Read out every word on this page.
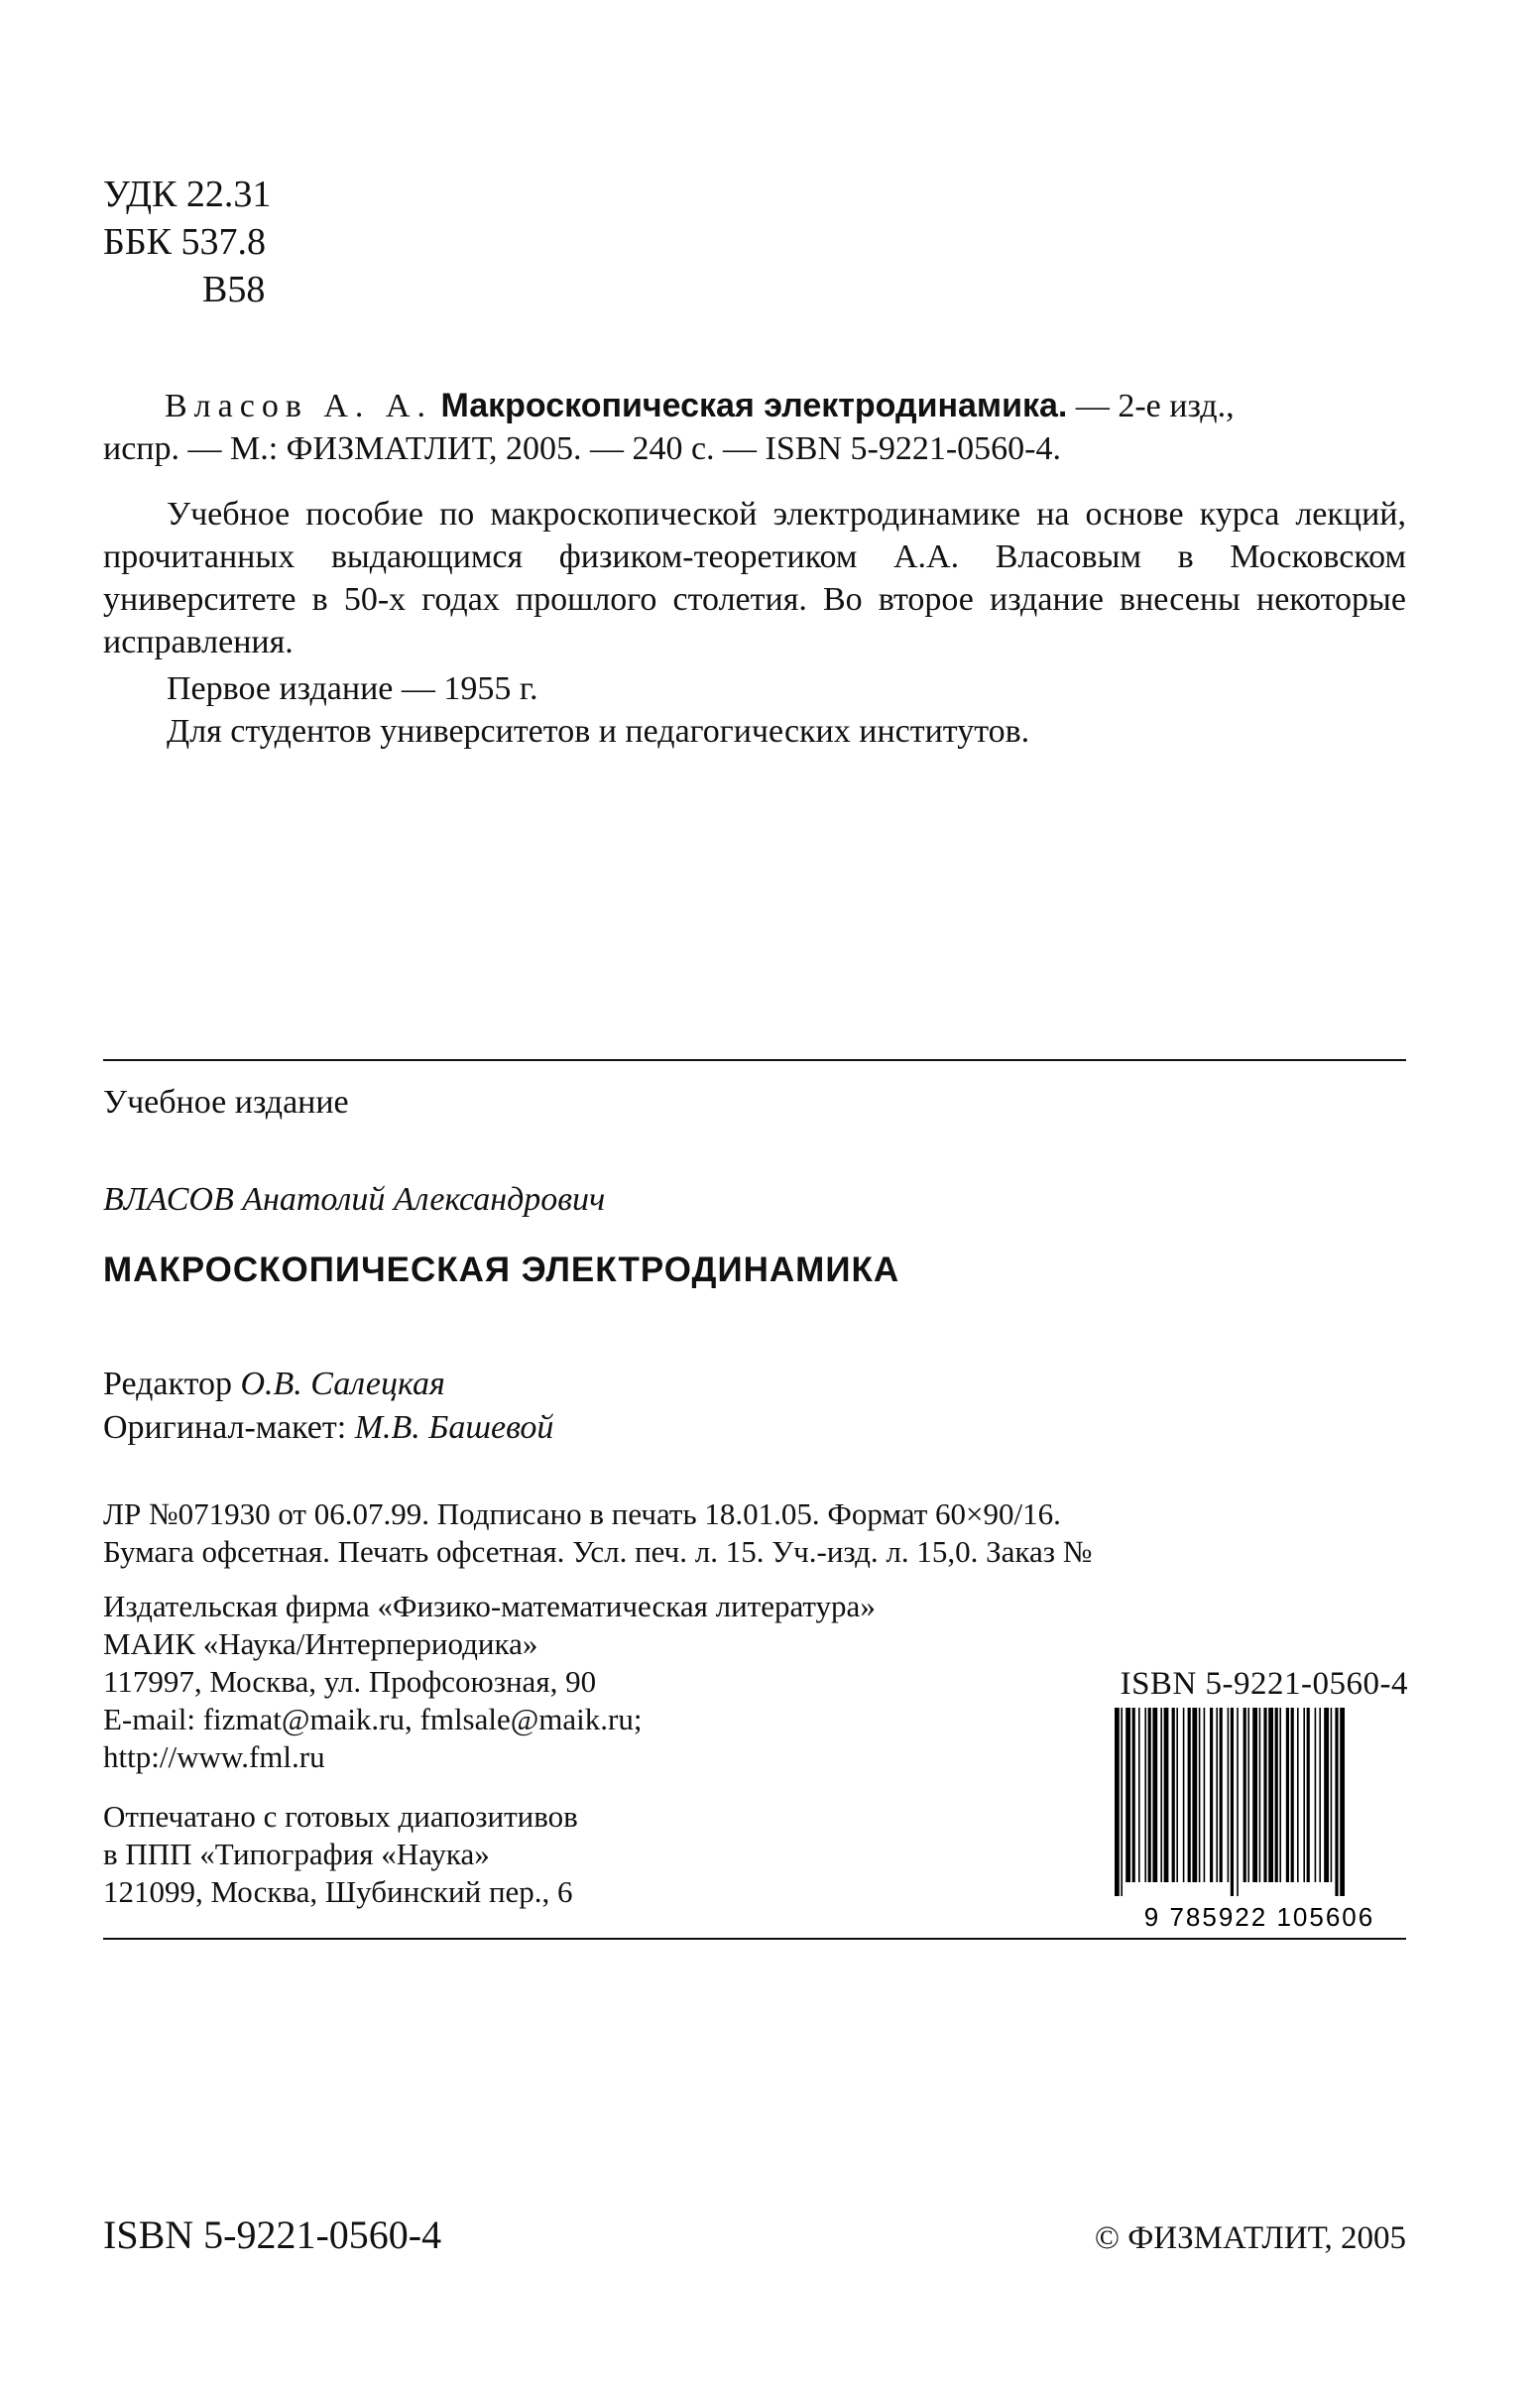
УДК 22.31
ББК 537.8
B58
Власов А. А. Макроскопическая электродинамика. — 2-е изд.,
испр. — М.: ФИЗМАТЛИТ, 2005. — 240 с. — ISBN 5-9221-0560-4.
Учебное пособие по макроскопической электродинамике на основе курса лекций, прочитанных выдающимся физиком-теоретиком А.А. Власовым в Московском университете в 50-х годах прошлого столетия. Во второе издание внесены некоторые исправления.
Первое издание — 1955 г.
Для студентов университетов и педагогических институтов.
Учебное издание
ВЛАСОВ Анатолий Александрович
МАКРОСКОПИЧЕСКАЯ ЭЛЕКТРОДИНАМИКА
Редактор О.В. Салецкая
Оригинал-макет: М.В. Башевой
ЛР №071930 от 06.07.99. Подписано в печать 18.01.05. Формат 60×90/16.
Бумага офсетная. Печать офсетная. Усл. печ. л. 15. Уч.-изд. л. 15,0. Заказ №
Издательская фирма «Физико-математическая литература»
МАИК «Наука/Интерпериодика»
117997, Москва, ул. Профсоюзная, 90
E-mail: fizmat@maik.ru, fmlsale@maik.ru;
http://www.fml.ru
Отпечатано с готовых диапозитивов
в ППП «Типография «Наука»
121099, Москва, Шубинский пер., 6
ISBN 5-9221-0560-4
9 785922 105606
ISBN 5-9221-0560-4	© ФИЗМАТЛИТ, 2005
